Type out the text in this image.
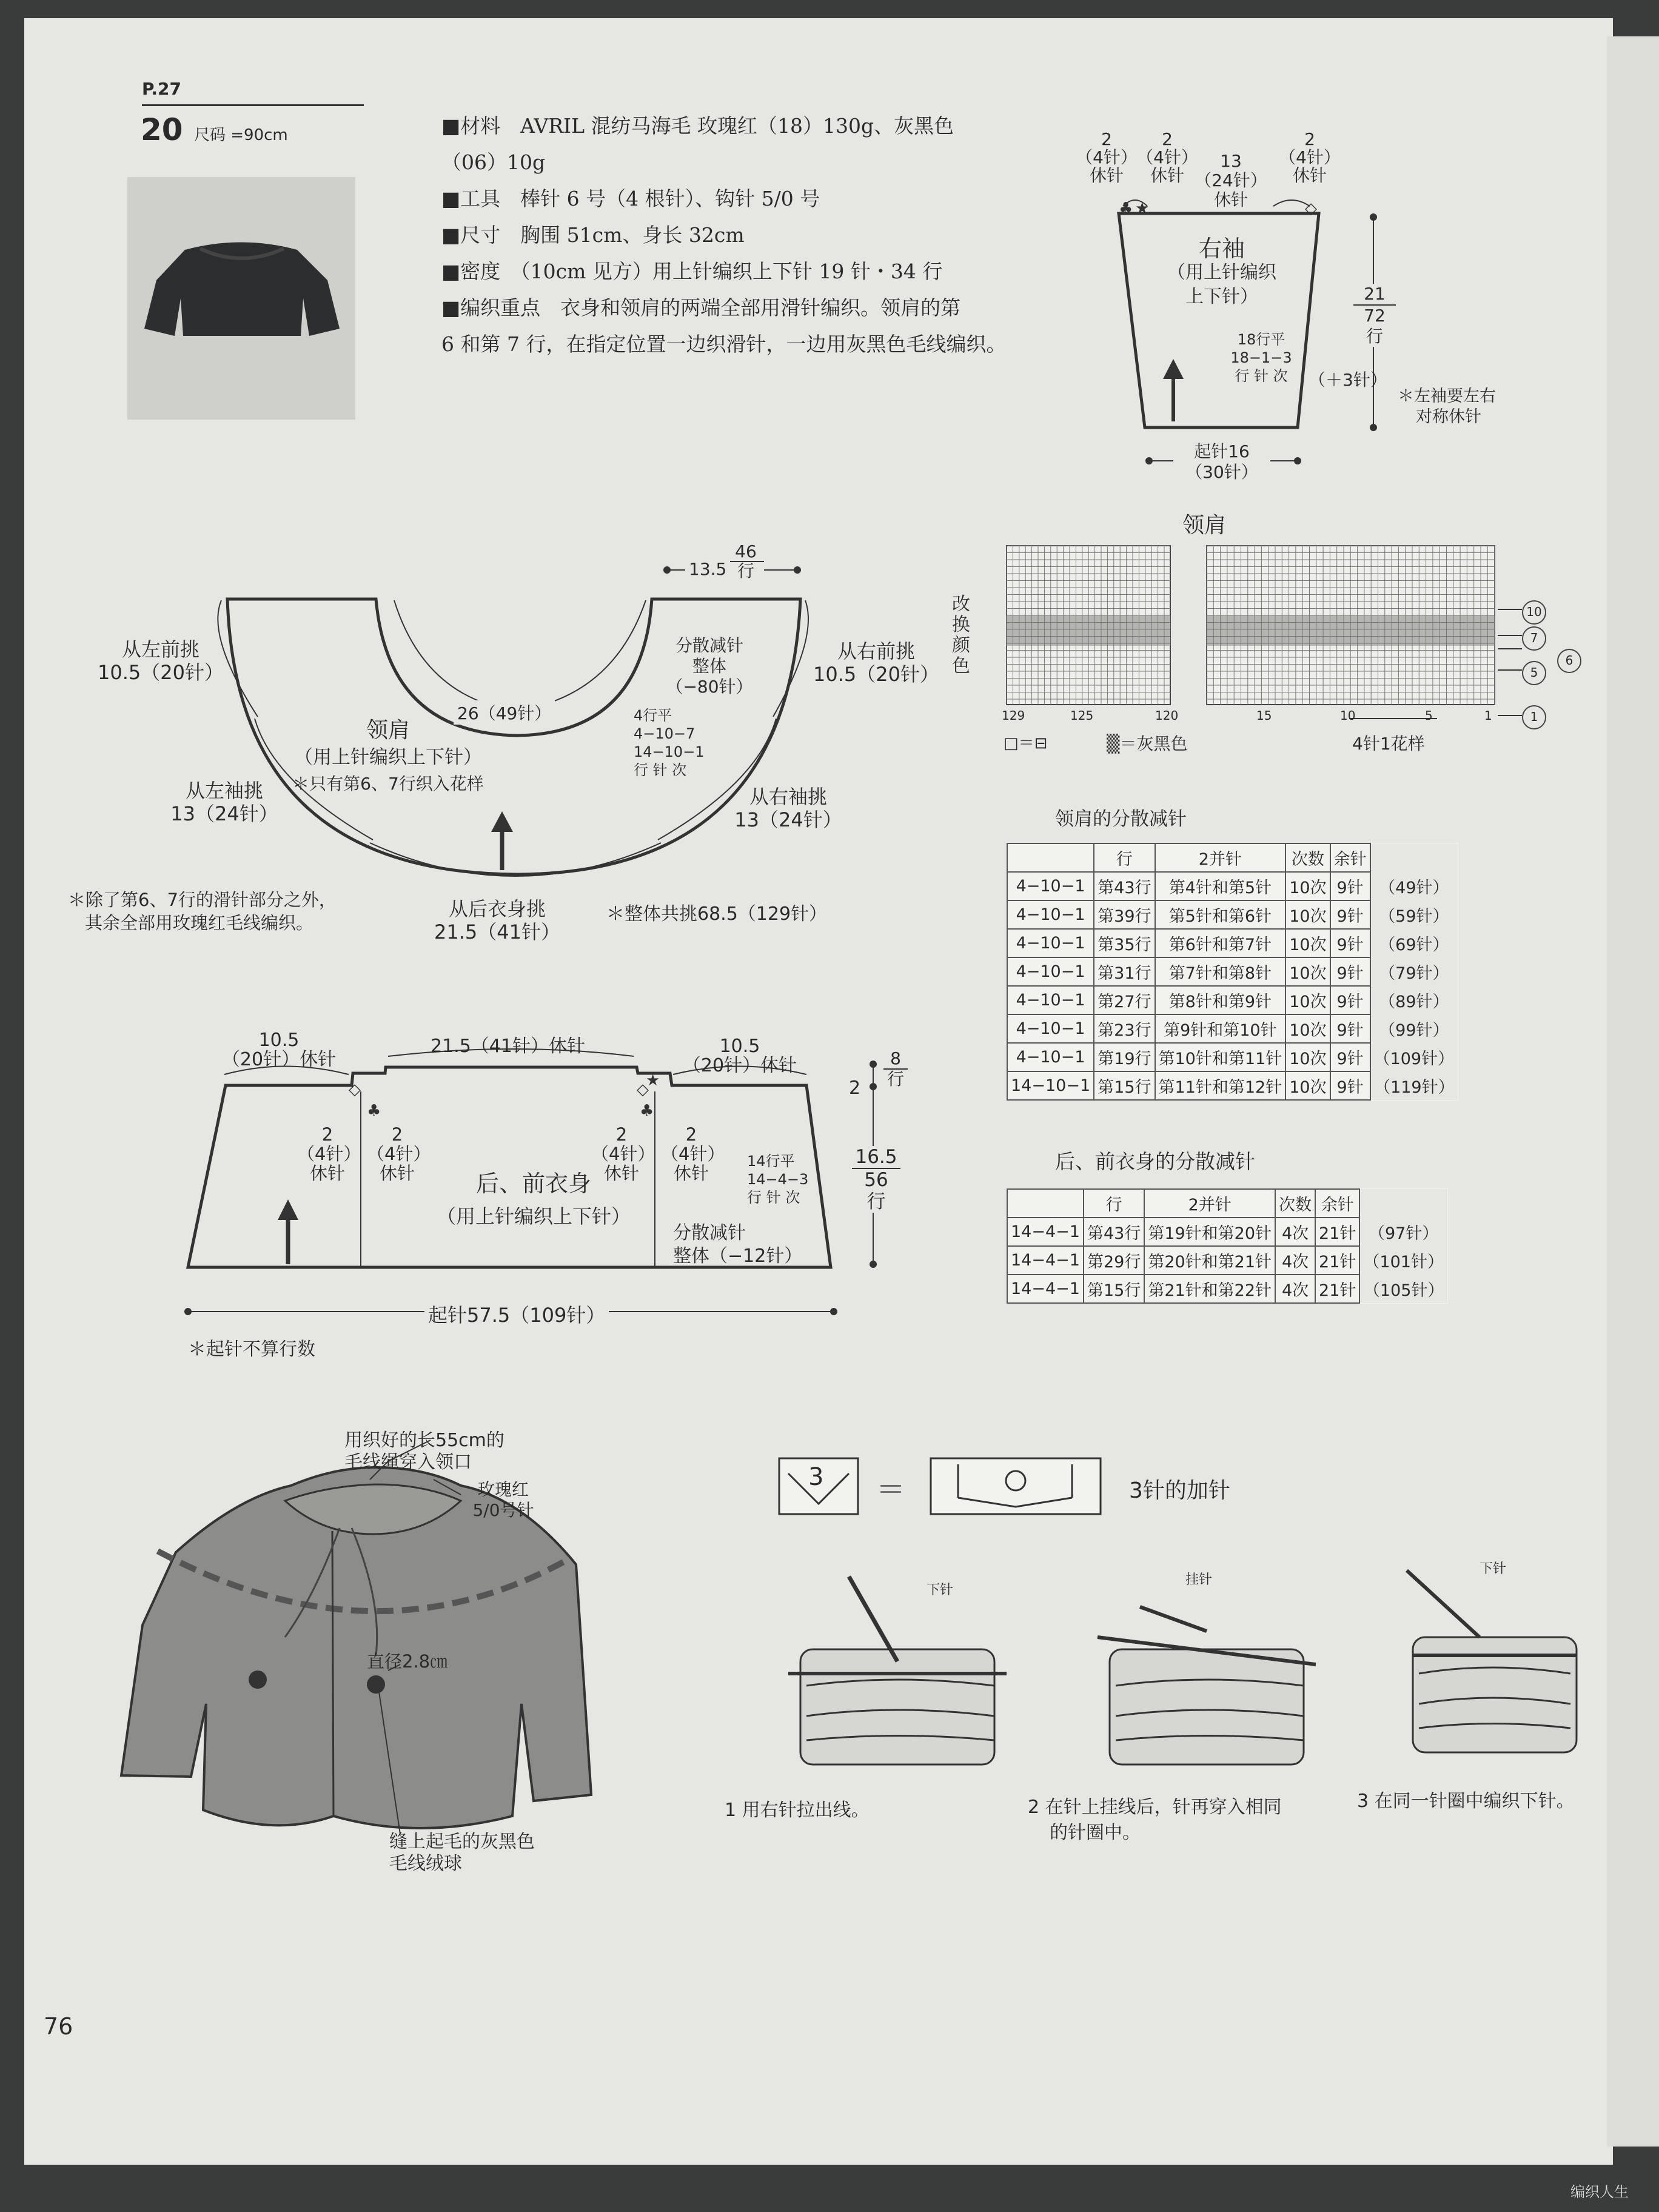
P.27
20 尺码 =90cm	■材料　AVRIL 混纺马海毛 玫瑰红（18）130g、灰黑色
（06）10g
■工具　棒针 6 号（4 根针）、钩针 5/0 号
■尺寸　胸围 51cm、身长 32cm
■密度　（10cm 见方）用上针编织上下针 19 针・34 行
■编织重点　衣身和领肩的两端全部用滑针编织。领肩的第
6 和第 7 行，在指定位置一边织滑针，一边用灰黑色毛线编织。
♣ ★	◇
◇
♣
◇
♣
★
2
（4针）
休针
2
（4针）
休针
13
（24针）
休针
2
（4针）
休针
右袖
（用上针编织
上下针）
18行平
18−1−3
行 针 次	（＋3针）
21
72
行
＊左袖要左右
对称休针
起针16
（30针）
46
行
13.5
26（49针）
分散减针
整体
（−80针）
4行平
4−10−7
14−10−1
行 针 次
从左前挑
10.5（20针）
从右前挑
10.5（20针）
领肩
（用上针编织上下针）
＊只有第6、7行织入花样
从左袖挑
13（24针）
从右袖挑
13（24针）
从后衣身挑
21.5（41针）
＊整体共挑68.5（129针）
＊除了第6、7行的滑针部分之外，
其余全部用玫瑰红毛线编织。
领肩
改
换
颜
色
129	125	120	15	10	5	1
10
7
6
5
1
□＝⊟	▒＝灰黑色	4针1花样
领肩的分散减针
	行	2并针	次数	余针	
4−10−1	第43行	第4针和第5针	10次	9针	（49针）
4−10−1	第39行	第5针和第6针	10次	9针	（59针）
4−10−1	第35行	第6针和第7针	10次	9针	（69针）
4−10−1	第31行	第7针和第8针	10次	9针	（79针）
4−10−1	第27行	第8针和第9针	10次	9针	（89针）
4−10−1	第23行	第9针和第10针	10次	9针	（99针）
4−10−1	第19行	第10针和第11针	10次	9针	（109针）
14−10−1	第15行	第11针和第12针	10次	9针	（119针）
后、前衣身的分散减针
	行	2并针	次数	余针	
14−4−1	第43行	第19针和第20针	4次	21针	（97针）
14−4−1	第29行	第20针和第21针	4次	21针	（101针）
14−4−1	第15行	第21针和第22针	4次	21针	（105针）
10.5
（20针）休针
21.5（41针）休针	10.5
（20针）休针
2
8
行
16.5
56
行
2
（4针）
休针
2
（4针）
休针
2
（4针）
休针
2
（4针）
休针
后、前衣身
（用上针编织上下针）
14行平
14−4−3
行 针 次
分散减针
整体（−12针）
起针57.5（109针）
＊起针不算行数
用织好的长55cm的
毛线绳穿入领口
玫瑰红
5/0号针
直径2.8㎝
缝上起毛的灰黑色
毛线绒球
3 ＝	3针的加针
下针
挂针
下针
1 用右针拉出线。	2 在针上挂线后，针再穿入相同
的针圈中。
3 在同一针圈中编织下针。
76
编织人生
